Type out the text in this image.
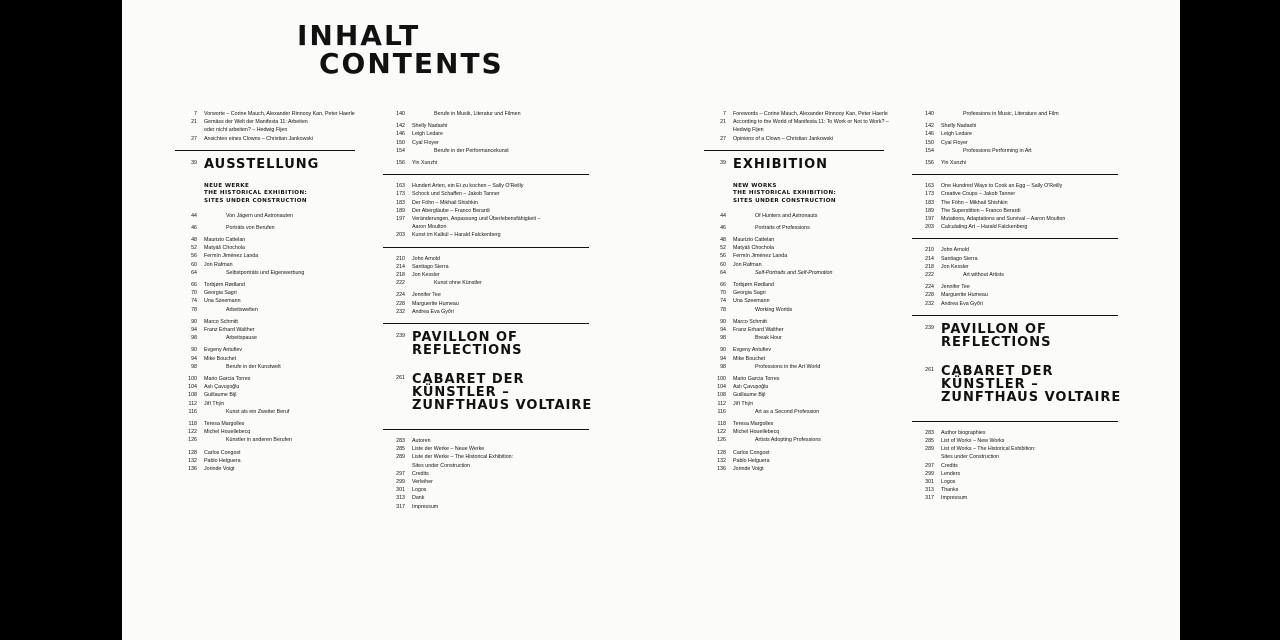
INHALT
CONTENTS
7	Vorworte – Corine Mauch, Alexander Rinnooy Kan, Peter Haerle
21	Gemäss der Welt der Manifesta 11: Arbeiten
oder nicht arbeiten? – Hedwig Fijen
27	Ansichten eines Clowns – Christian Jankowski
39 AUSSTELLUNG
NEUE WERKE
THE HISTORICAL EXHIBITION:
SITES UNDER CONSTRUCTION
44	Von Jägern und Astronauten
46	Porträts von Berufen
48	Maurizio Cattelan
52	Matyáš Chochola
56	Fermín Jiménez Landa
60	Jon Rafman
64	Selbstporträts und Eigenwerbung
66	Torbjørn Rødland
70	Georgia Sagri
74	Una Szeemann
78	Arbeitswelten
90	Marco Schmitt
94	Franz Erhard Walther
98	Arbeitspause
90	Evgeny Antufiev
94	Mike Bouchet
98	Berufe in der Kunstwelt
100	Mario Garcia Torres
104	Aslı Çavuşoğlu
108	Guillaume Bijl
112	Jiří Thýn
116	Kunst als ein Zweiter Beruf
118	Teresa Margolles
122	Michel Houellebecq
126	Künstler in anderen Berufen
128	Carlos Congost
132	Pablo Helguera
136	Jorinde Voigt
140	Berufe in Musik, Literatur und Filmen
142	Shelly Nadashi
146	Leigh Ledare
150	Cyal Floyer
154	Berufe in der Performancekunst
156	Yin Xunzhi
163	Hundert Arten, ein Ei zu kochen – Sally O'Reilly
173	Schock und Schaffen – Jakob Tanner
183	Der Föhn – Mikhail Shishkin
189	Der Abergläube – Franco Berardi
197	Veränderungen, Anpassung und Überlebensfähigkeit –
Aaron Moulton
203	Kunst im Kalkül – Harald Falckenberg
210	John Arnold
214	Santiago Sierra
218	Jon Kessler
222	Kunst ohne Künstler
224	Jennifer Tee
228	Marguerite Humeau
232	Andrea Eva Győri
239 PAVILLON OF
REFLECTIONS
261 CABARET DER
KÜNSTLER –
ZUNFTHAUS VOLTAIRE
283	Autoren
285	Liste der Werke – Neue Werke
289	Liste der Werke – The Historical Exhibition:
Sites under Construction
297	Credits
299	Verleiher
301	Logos
313	Dank
317	Impressum
7	Forewords – Corine Mauch, Alexander Rinnooy Kan, Peter Haerle
21	According to the World of Manifesta 11: To Work or Not to Work? –
Hedwig Fijen
27	Opinions of a Clown – Christian Jankowski
39 EXHIBITION
NEW WORKS
THE HISTORICAL EXHIBITION:
SITES UNDER CONSTRUCTION
44	Of Hunters and Astronauts
46	Portraits of Professions
48	Maurizio Cattelan
52	Matyáš Chochola
56	Fermín Jiménez Landa
60	Jon Rafman
64	Self-Portraits and Self-Promotion
66	Torbjørn Rødland
70	Georgia Sagri
74	Una Szeemann
78	Working Worlds
90	Marco Schmitt
94	Franz Erhard Walther
98	Break Hour
90	Evgeny Antufiev
94	Mike Bouchet
98	Professions in the Art World
100	Mario Garcia Torres
104	Aslı Çavuşoğlu
108	Guillaume Bijl
112	Jiří Thýn
116	Art as a Second Profession
118	Teresa Margolles
122	Michel Houellebecq
126	Artists Adopting Professions
128	Carlos Congost
132	Pablo Helguera
136	Jorinde Voigt
140	Professions in Music, Literature and Film
142	Shelly Nadashi
146	Leigh Ledare
150	Cyal Floyer
154	Professions Performing in Art
156	Yin Xunzhi
163	One Hundred Ways to Cook an Egg – Sally O'Reilly
173	Creative Coups – Jakob Tanner
183	The Föhn – Mikhail Shishkin
189	The Superstition – Franco Berardi
197	Mutations, Adaptations and Survival – Aaron Moulton
203	Calculating Art – Harald Falckenberg
210	John Arnold
214	Santiago Sierra
218	Jon Kessler
222	Art without Artists
224	Jennifer Tee
228	Marguerite Humeau
232	Andrea Eva Győri
239 PAVILLON OF
REFLECTIONS
261 CABARET DER
KÜNSTLER –
ZUNFTHAUS VOLTAIRE
283	Author biographies
285	List of Works – New Works
289	List of Works – The Historical Exhibition:
Sites under Construction
297	Credits
299	Lenders
301	Logos
313	Thanks
317	Impressum
